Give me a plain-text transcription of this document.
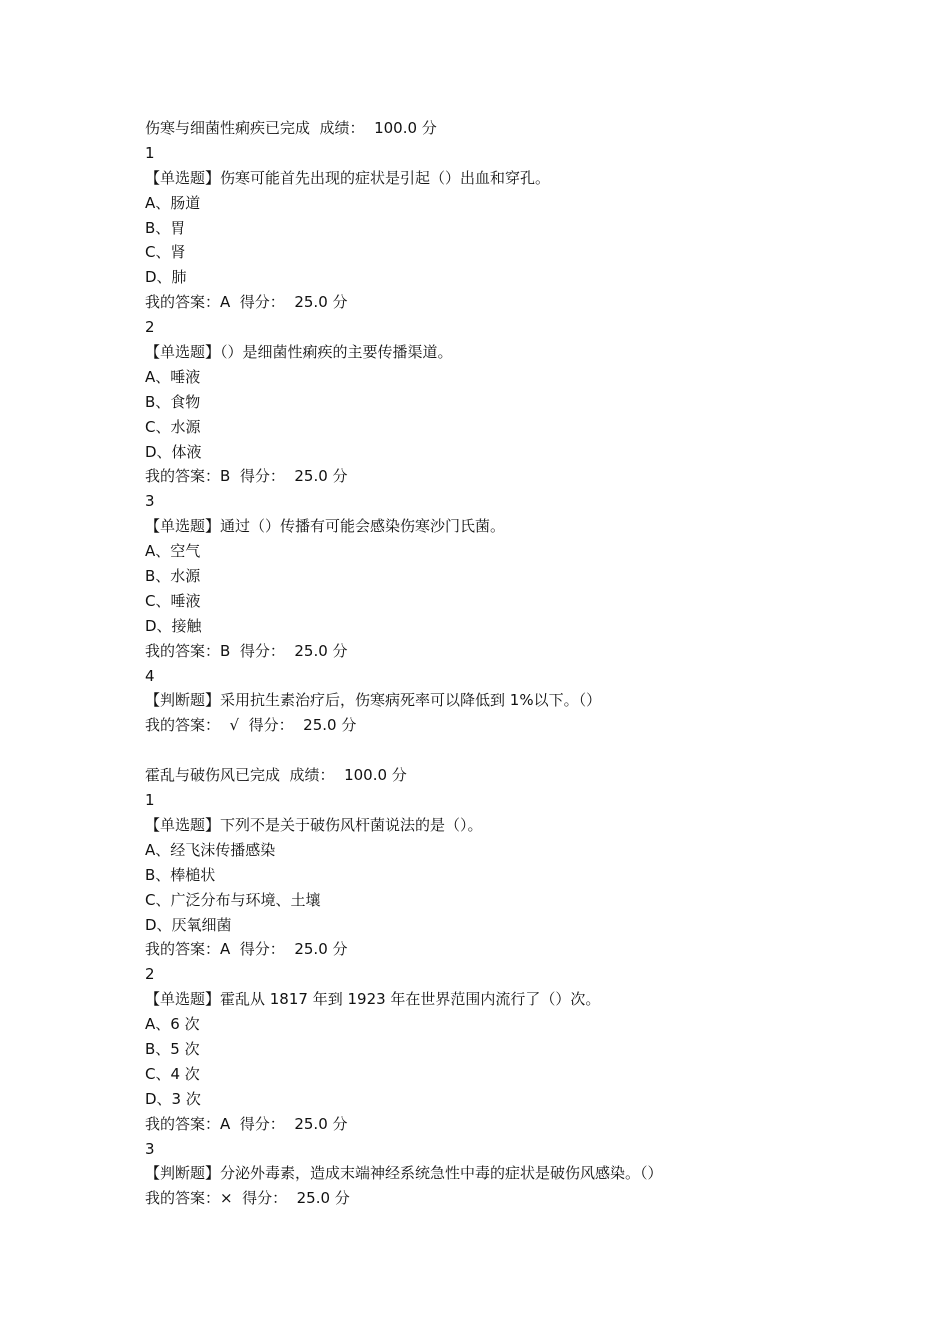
伤寒与细菌性痢疾已完成  成绩：  100.0 分
1
【单选题】伤寒可能首先出现的症状是引起（）出血和穿孔。
A、肠道
B、胃
C、肾
D、肺
我的答案：A  得分：  25.0 分
2
【单选题】（）是细菌性痢疾的主要传播渠道。
A、唾液
B、食物
C、水源
D、体液
我的答案：B  得分：  25.0 分
3
【单选题】通过（）传播有可能会感染伤寒沙门氏菌。
A、空气
B、水源
C、唾液
D、接触
我的答案：B  得分：  25.0 分
4
【判断题】采用抗生素治疗后，伤寒病死率可以降低到 1%以下。（）
我的答案：  √  得分：  25.0 分
霍乱与破伤风已完成  成绩：  100.0 分
1
【单选题】下列不是关于破伤风杆菌说法的是（）。
A、经飞沫传播感染
B、棒槌状
C、广泛分布与环境、土壤
D、厌氧细菌
我的答案：A  得分：  25.0 分
2
【单选题】霍乱从 1817 年到 1923 年在世界范围内流行了（）次。
A、6 次
B、5 次
C、4 次
D、3 次
我的答案：A  得分：  25.0 分
3
【判断题】分泌外毒素，造成末端神经系统急性中毒的症状是破伤风感染。（）
我的答案：×  得分：  25.0 分
